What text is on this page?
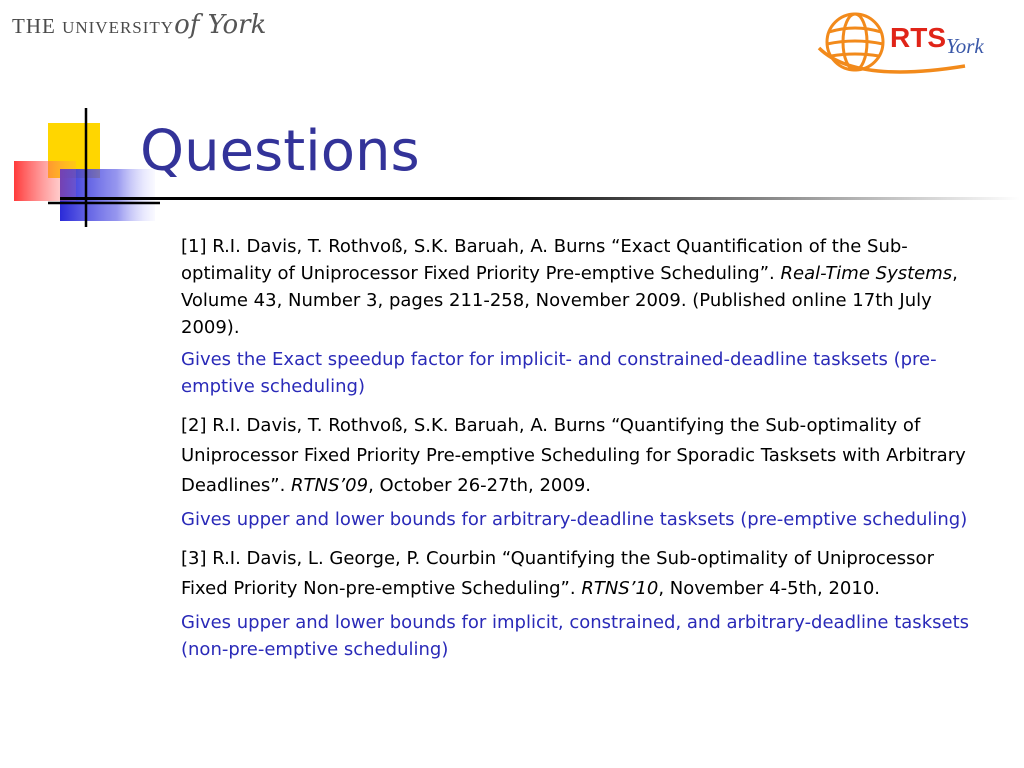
THE UNIVERSITYof York	RTS York
Questions

[1] R.I. Davis, T. Rothvoß, S.K. Baruah, A. Burns “Exact Quantification of the Sub-optimality of Uniprocessor Fixed Priority Pre-emptive Scheduling”. Real-Time Systems, Volume 43, Number 3, pages 211-258, November 2009. (Published online 17th July 2009).

Gives the Exact speedup factor for implicit- and constrained-deadline tasksets (pre-emptive scheduling)

[2] R.I. Davis, T. Rothvoß, S.K. Baruah, A. Burns “Quantifying the Sub-optimality of Uniprocessor Fixed Priority Pre-emptive Scheduling for Sporadic Tasksets with Arbitrary Deadlines”. RTNS’09, October 26-27th, 2009.

Gives upper and lower bounds for arbitrary-deadline tasksets (pre-emptive scheduling)

[3] R.I. Davis, L. George, P. Courbin “Quantifying the Sub-optimality of Uniprocessor Fixed Priority Non-pre-emptive Scheduling”. RTNS’10, November 4-5th, 2010.

Gives upper and lower bounds for implicit, constrained, and arbitrary-deadline tasksets (non-pre-emptive scheduling)
